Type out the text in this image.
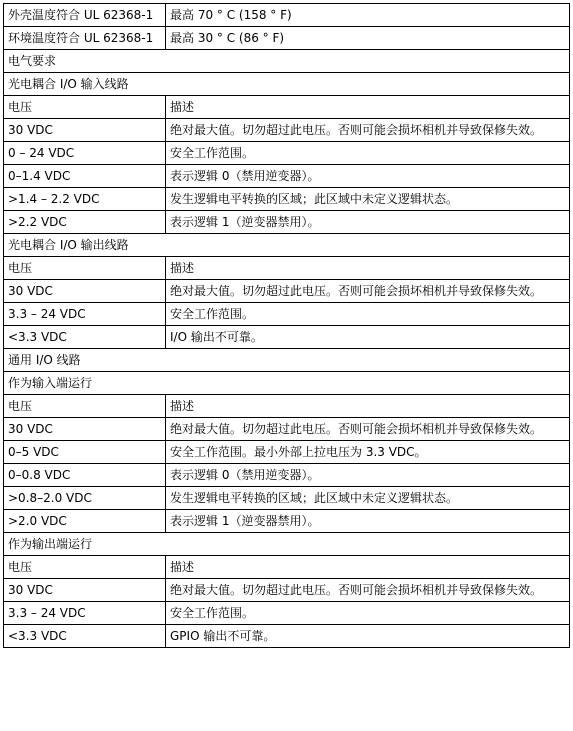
外壳温度符合 UL 62368-1	最高 70 ° C (158 ° F)
环境温度符合 UL 62368-1	最高 30 ° C (86 ° F)
电气要求	
光电耦合 I/O 输入线路	
电压	描述
30 VDC	绝对最大值。切勿超过此电压。否则可能会损坏相机并导致保修失效。
0 – 24 VDC	安全工作范围。
0–1.4 VDC	表示逻辑 0（禁用逆变器）。
>1.4 – 2.2 VDC	发生逻辑电平转换的区域；此区域中未定义逻辑状态。
>2.2 VDC	表示逻辑 1（逆变器禁用）。
光电耦合 I/O 输出线路	
电压	描述
30 VDC	绝对最大值。切勿超过此电压。否则可能会损坏相机并导致保修失效。
3.3 – 24 VDC	安全工作范围。
<3.3 VDC	I/O 输出不可靠。
通用 I/O 线路	
作为输入端运行	
电压	描述
30 VDC	绝对最大值。切勿超过此电压。否则可能会损坏相机并导致保修失效。
0–5 VDC	安全工作范围。最小外部上拉电压为 3.3 VDC。
0–0.8 VDC	表示逻辑 0（禁用逆变器）。
>0.8–2.0 VDC	发生逻辑电平转换的区域；此区域中未定义逻辑状态。
>2.0 VDC	表示逻辑 1（逆变器禁用）。
作为输出端运行	
电压	描述
30 VDC	绝对最大值。切勿超过此电压。否则可能会损坏相机并导致保修失效。
3.3 – 24 VDC	安全工作范围。
<3.3 VDC	GPIO 输出不可靠。
